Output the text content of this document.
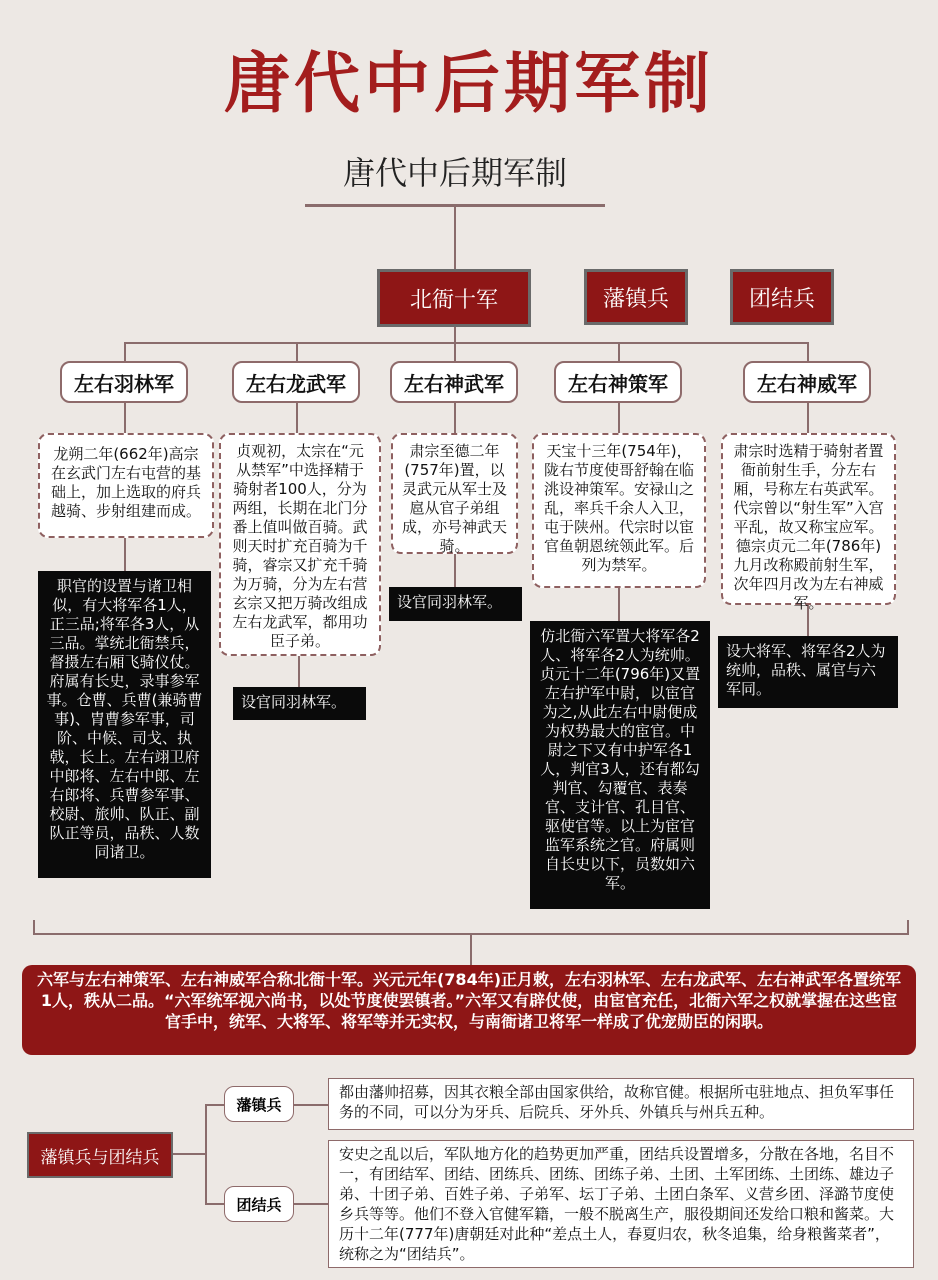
唐代中后期军制
唐代中后期军制
北衙十军	藩镇兵	团结兵
左右羽林军	左右龙武军	左右神武军	左右神策军	左右神威军
龙朔二年(662年)高宗在玄武门左右屯营的基础上，加上选取的府兵越骑、步射组建而成。
贞观初，太宗在“元从禁军”中选择精于骑射者100人，分为两组，长期在北门分番上值叫做百骑。武则天时扩充百骑为千骑，睿宗又扩充千骑为万骑，分为左右营玄宗又把万骑改组成左右龙武军，都用功臣子弟。
肃宗至德二年(757年)置，以灵武元从军士及扈从官子弟组成，亦号神武天骑。
天宝十三年(754年)，陇右节度使哥舒翰在临洮设神策军。安禄山之乱，率兵千余人入卫，屯于陕州。代宗时以宦官鱼朝恩统领此军。后列为禁军。
肃宗时选精于骑射者置衙前射生手，分左右厢，号称左右英武军。代宗曾以“射生军”入宫平乱，故又称宝应军。德宗贞元二年(786年)九月改称殿前射生军，次年四月改为左右神威军。
职官的设置与诸卫相似，有大将军各1人，正三品;将军各3人，从三品。掌统北衙禁兵，督摄左右厢飞骑仪仗。府属有长史，录事参军事。仓曹、兵曹(兼骑曹事)、胄曹参军事，司阶、中候、司戈、执戟，长上。左右翊卫府中郎将、左右中郎、左右郎将、兵曹参军事、校尉、旅帅、队正、副队正等员，品秩、人数同诸卫。
设官同羽林军。
设官同羽林军。
仿北衙六军置大将军各2人、将军各2人为统帅。贞元十二年(796年)又置左右护军中尉，以宦官为之,从此左右中尉便成为权势最大的宦官。中尉之下又有中护军各1人，判官3人，还有都勾判官、勾覆官、表奏官、支计官、孔目官、驱使官等。以上为宦官监军系统之官。府属则自长史以下，员数如六军。
设大将军、将军各2人为统帅，品秩、属官与六军同。
六军与左右神策军、左右神威军合称北衙十军。兴元元年(784年)正月敕，左右羽林军、左右龙武军、左右神武军各置统军1人，秩从二品。“六军统军视六尚书，以处节度使罢镇者。”六军又有辟仗使，由宦官充任，北衙六军之权就掌握在这些宦官手中，统军、大将军、将军等并无实权，与南衙诸卫将军一样成了优宠勋臣的闲职。
藩镇兵与团结兵
藩镇兵
团结兵
都由藩帅招募，因其衣粮全部由国家供给，故称官健。根据所屯驻地点、担负军事任务的不同，可以分为牙兵、后院兵、牙外兵、外镇兵与州兵五种。
安史之乱以后，军队地方化的趋势更加严重，团结兵设置增多，分散在各地，名目不一，有团结军、团结、团练兵、团练、团练子弟、土团、土军团练、土团练、雄边子弟、十团子弟、百姓子弟、子弟军、坛丁子弟、土团白条军、义营乡团、泽潞节度使乡兵等等。他们不登入官健军籍，一般不脱离生产，服役期间还发给口粮和酱菜。大历十二年(777年)唐朝廷对此种“差点土人，春夏归农，秋冬追集，给身粮酱菜者”，统称之为“团结兵”。
